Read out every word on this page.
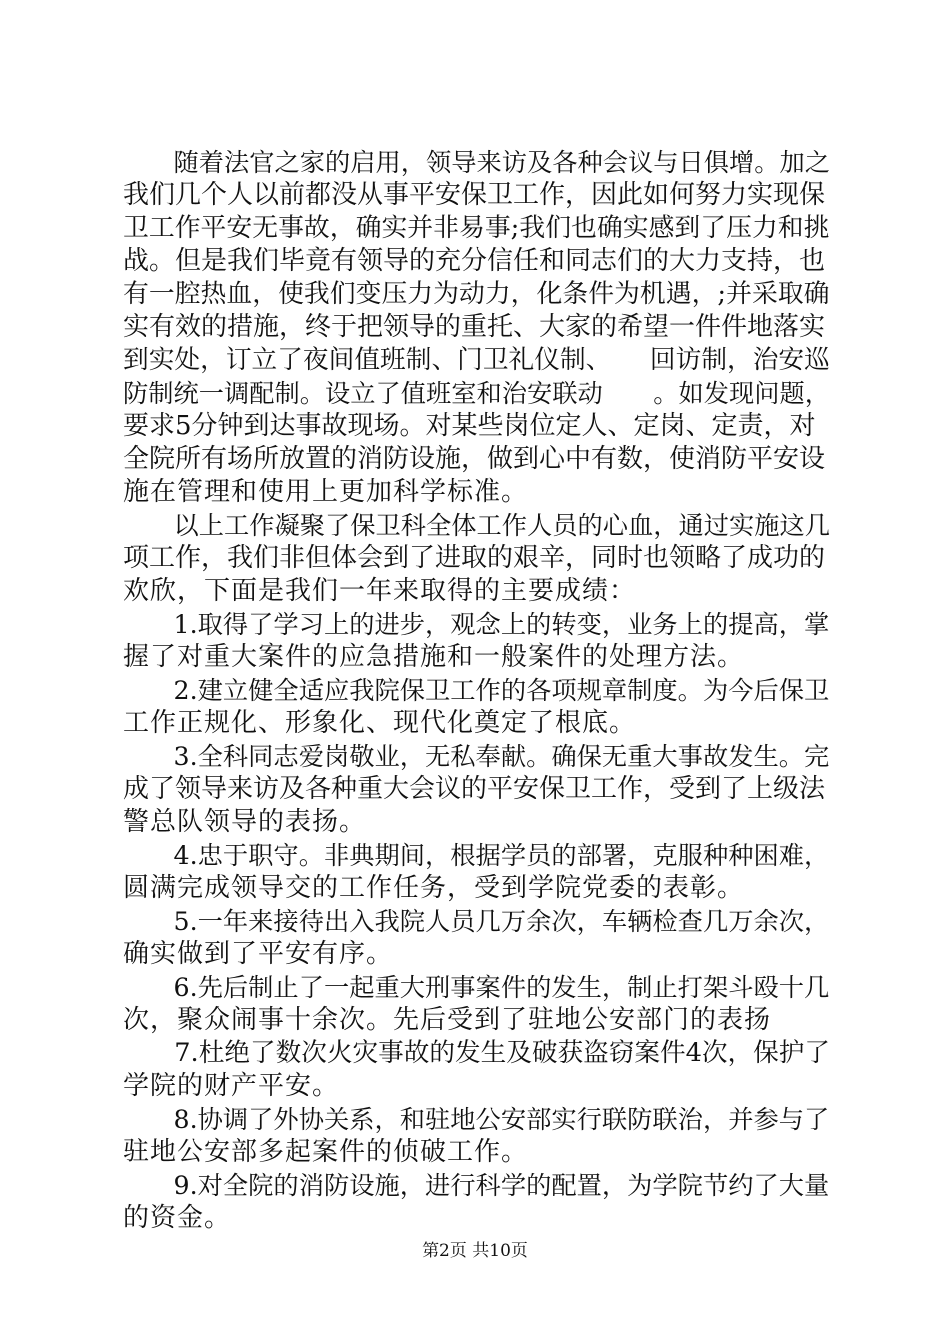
　　随着法官之家的启用，领导来访及各种会议与日俱增。加之
我们几个人以前都没从事平安保卫工作，因此如何努力实现保
卫工作平安无事故，确实并非易事;我们也确实感到了压力和挑
战。但是我们毕竟有领导的充分信任和同志们的大力支持，也
有一腔热血，使我们变压力为动力，化条件为机遇，;并采取确
实有效的措施，终于把领导的重托、大家的希望一件件地落实
到实处，订立了夜间值班制、门卫礼仪制、　　回访制，治安巡
防制统一调配制。设立了值班室和治安联动　　。如发现问题，
要求5分钟到达事故现场。对某些岗位定人、定岗、定责，对
全院所有场所放置的消防设施，做到心中有数，使消防平安设
施在管理和使用上更加科学标准。
　　以上工作凝聚了保卫科全体工作人员的心血，通过实施这几
项工作，我们非但体会到了进取的艰辛，同时也领略了成功的
欢欣，下面是我们一年来取得的主要成绩：
　　1.取得了学习上的进步，观念上的转变，业务上的提高，掌
握了对重大案件的应急措施和一般案件的处理方法。
　　2.建立健全适应我院保卫工作的各项规章制度。为今后保卫
工作正规化、形象化、现代化奠定了根底。
　　3.全科同志爱岗敬业，无私奉献。确保无重大事故发生。完
成了领导来访及各种重大会议的平安保卫工作，受到了上级法
警总队领导的表扬。
　　4.忠于职守。非典期间，根据学员的部署，克服种种困难，
圆满完成领导交的工作任务，受到学院党委的表彰。
　　5.一年来接待出入我院人员几万余次，车辆检查几万余次，
确实做到了平安有序。
　　6.先后制止了一起重大刑事案件的发生，制止打架斗殴十几
次，聚众闹事十余次。先后受到了驻地公安部门的表扬
　　7.杜绝了数次火灾事故的发生及破获盗窃案件4次，保护了
学院的财产平安。
　　8.协调了外协关系，和驻地公安部实行联防联治，并参与了
驻地公安部多起案件的侦破工作。
　　9.对全院的消防设施，进行科学的配置，为学院节约了大量
的资金。
第2页 共10页
